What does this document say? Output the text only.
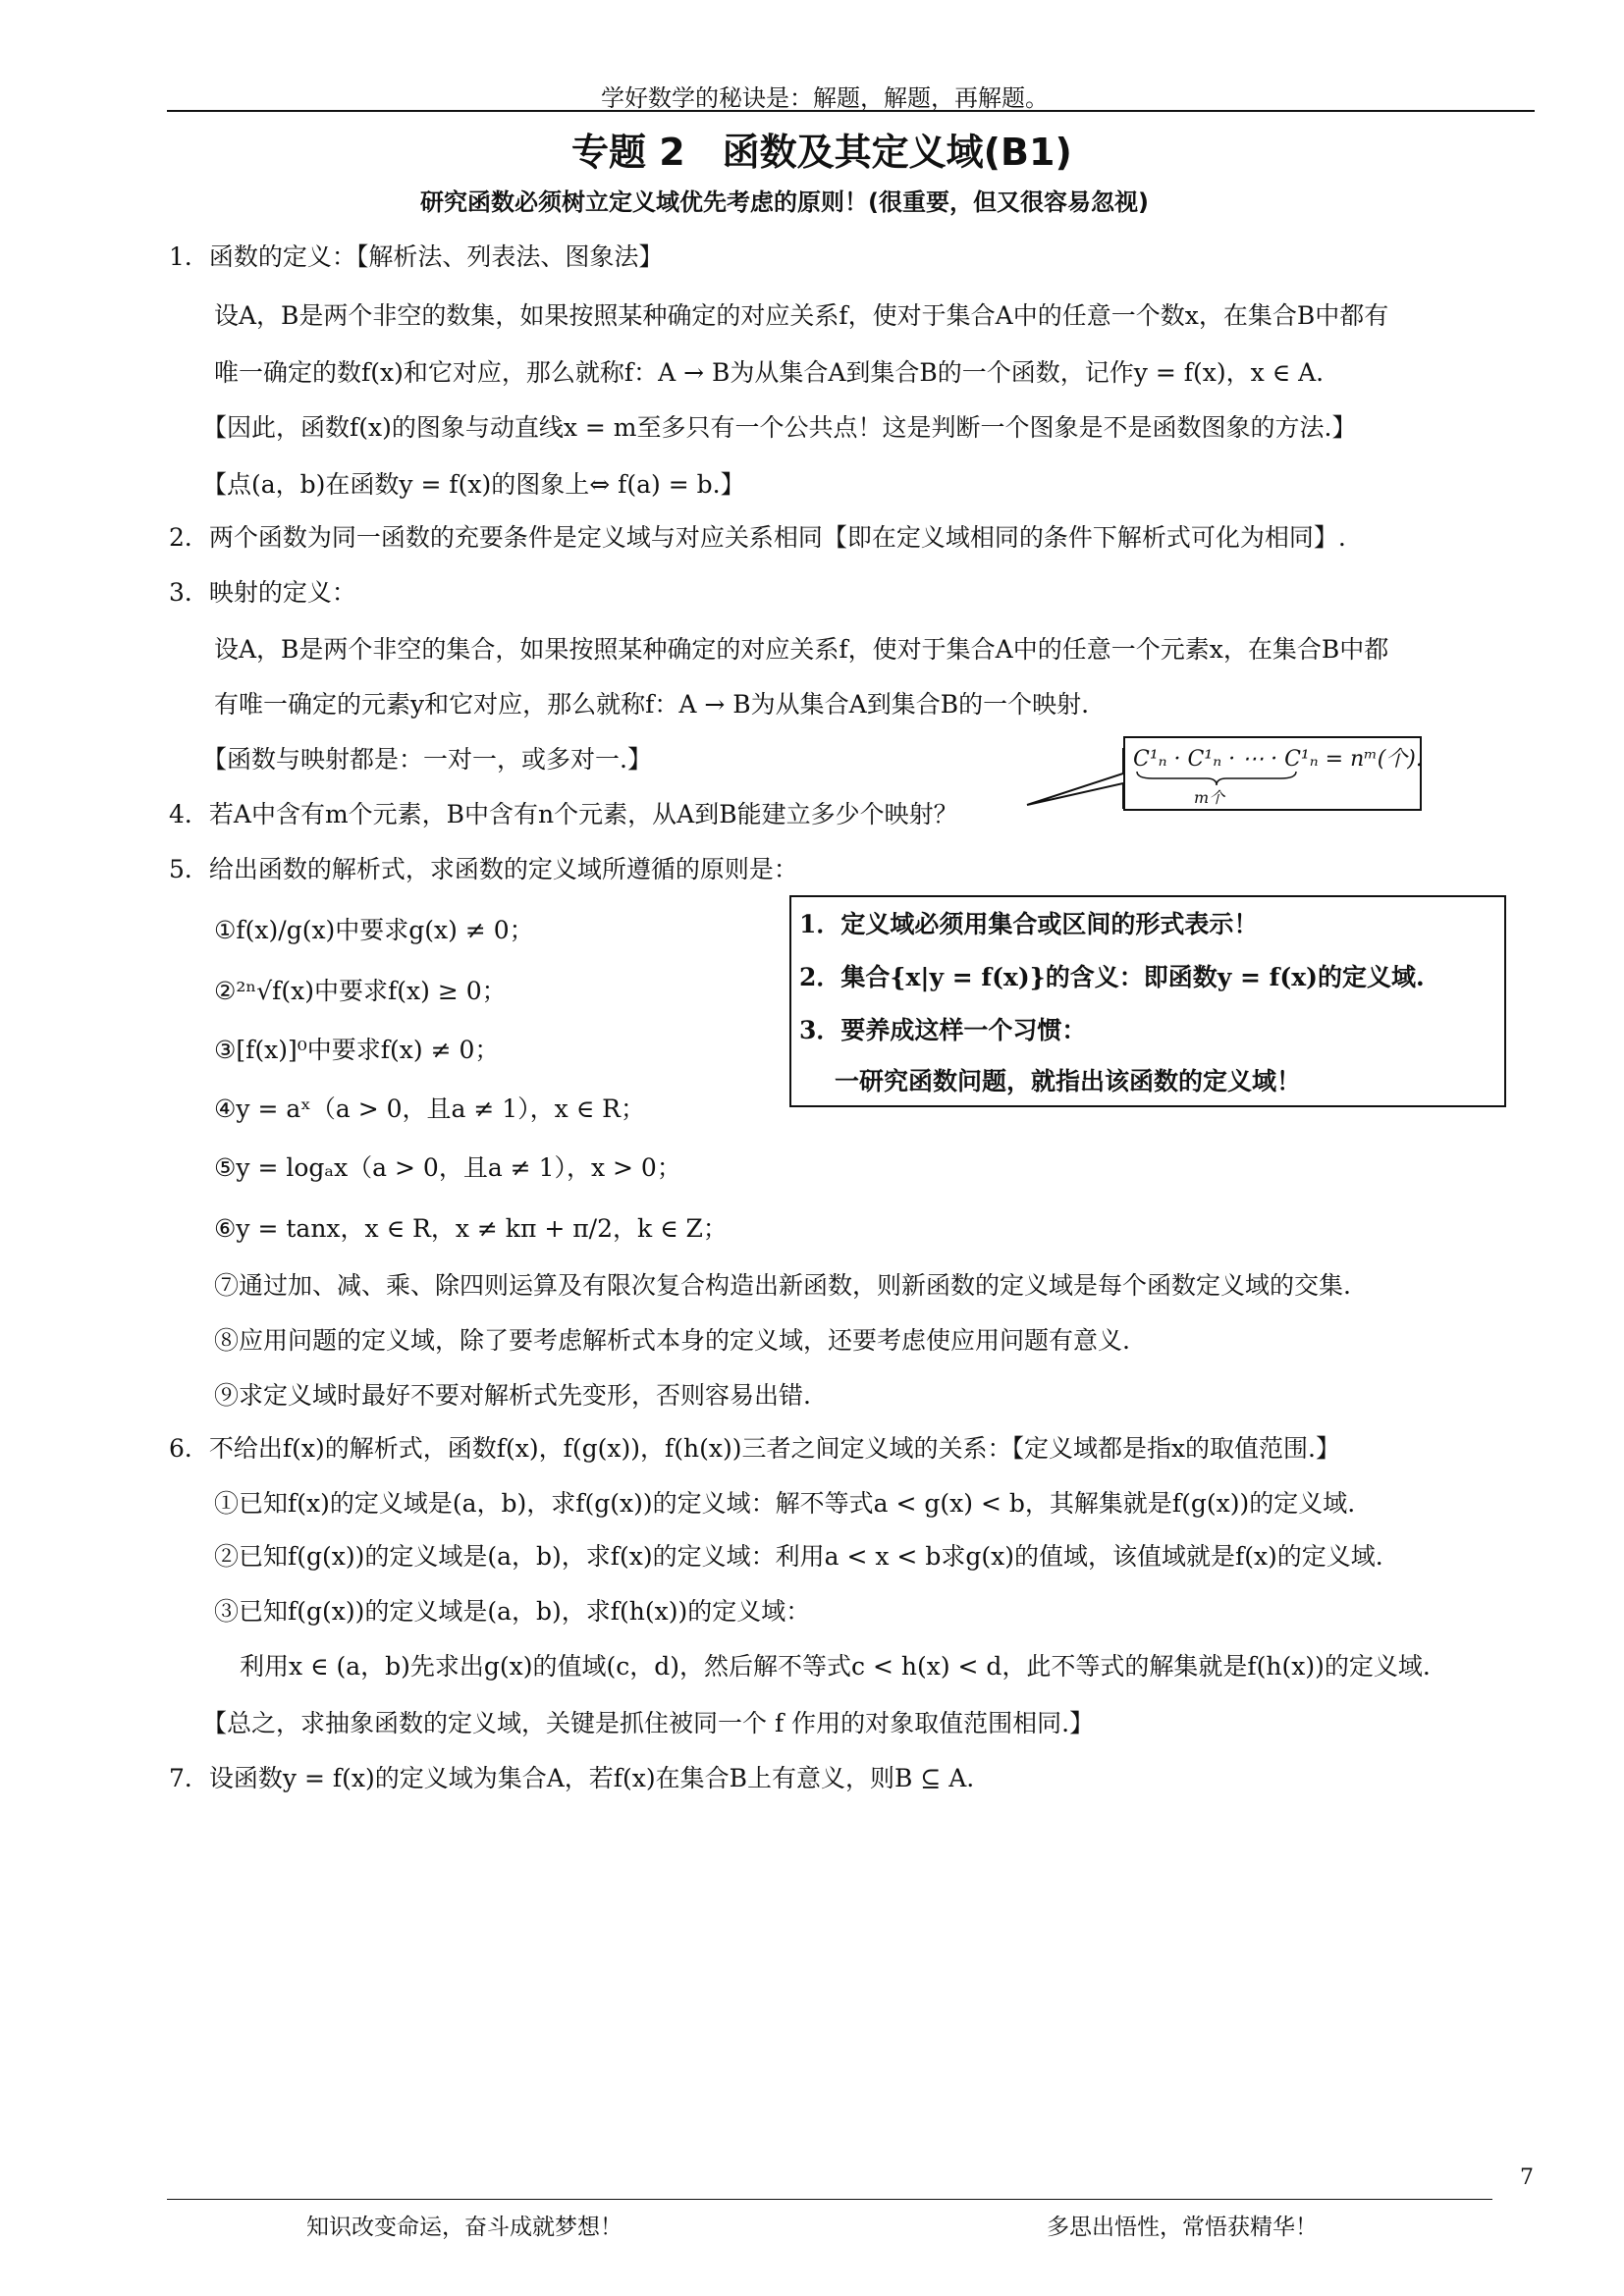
学好数学的秘诀是：解题，解题，再解题。
专题 2　函数及其定义域(B1)
研究函数必须树立定义域优先考虑的原则！(很重要，但又很容易忽视)
1．函数的定义：【解析法、列表法、图象法】
设A，B是两个非空的数集，如果按照某种确定的对应关系f，使对于集合A中的任意一个数x，在集合B中都有
唯一确定的数f(x)和它对应，那么就称f：A → B为从集合A到集合B的一个函数，记作y = f(x)，x ∈ A.
【因此，函数f(x)的图象与动直线x = m至多只有一个公共点！这是判断一个图象是不是函数图象的方法.】
【点(a，b)在函数y = f(x)的图象上⇔ f(a) = b.】
2．两个函数为同一函数的充要条件是定义域与对应关系相同【即在定义域相同的条件下解析式可化为相同】.
3．映射的定义：
设A，B是两个非空的集合，如果按照某种确定的对应关系f，使对于集合A中的任意一个元素x，在集合B中都
有唯一确定的元素y和它对应，那么就称f：A → B为从集合A到集合B的一个映射.
【函数与映射都是：一对一，或多对一.】
4．若A中含有m个元素，B中含有n个元素，从A到B能建立多少个映射？
C¹ₙ · C¹ₙ · ⋯ · C¹ₙ = nᵐ(个).
m个
5．给出函数的解析式，求函数的定义域所遵循的原则是：
①f(x)/g(x)中要求g(x) ≠ 0；
②²ⁿ√f(x)中要求f(x) ≥ 0；
③[f(x)]⁰中要求f(x) ≠ 0；
④y = aˣ（a > 0，且a ≠ 1），x ∈ R；
⑤y = logₐx（a > 0，且a ≠ 1），x > 0；
⑥y = tanx，x ∈ R，x ≠ kπ + π/2，k ∈ Z；
⑦通过加、减、乘、除四则运算及有限次复合构造出新函数，则新函数的定义域是每个函数定义域的交集.
⑧应用问题的定义域，除了要考虑解析式本身的定义域，还要考虑使应用问题有意义.
⑨求定义域时最好不要对解析式先变形，否则容易出错.
1．定义域必须用集合或区间的形式表示！
2．集合{x|y = f(x)}的含义：即函数y = f(x)的定义域.
3．要养成这样一个习惯：
一研究函数问题，就指出该函数的定义域！
6．不给出f(x)的解析式，函数f(x)，f(g(x))，f(h(x))三者之间定义域的关系：【定义域都是指x的取值范围.】
①已知f(x)的定义域是(a，b)，求f(g(x))的定义域：解不等式a < g(x) < b，其解集就是f(g(x))的定义域.
②已知f(g(x))的定义域是(a，b)，求f(x)的定义域：利用a < x < b求g(x)的值域，该值域就是f(x)的定义域.
③已知f(g(x))的定义域是(a，b)，求f(h(x))的定义域：
利用x ∈ (a，b)先求出g(x)的值域(c，d)，然后解不等式c < h(x) < d，此不等式的解集就是f(h(x))的定义域.
【总之，求抽象函数的定义域，关键是抓住被同一个 f 作用的对象取值范围相同.】
7．设函数y = f(x)的定义域为集合A，若f(x)在集合B上有意义，则B ⊆ A.
7
知识改变命运，奋斗成就梦想！	多思出悟性，常悟获精华！
